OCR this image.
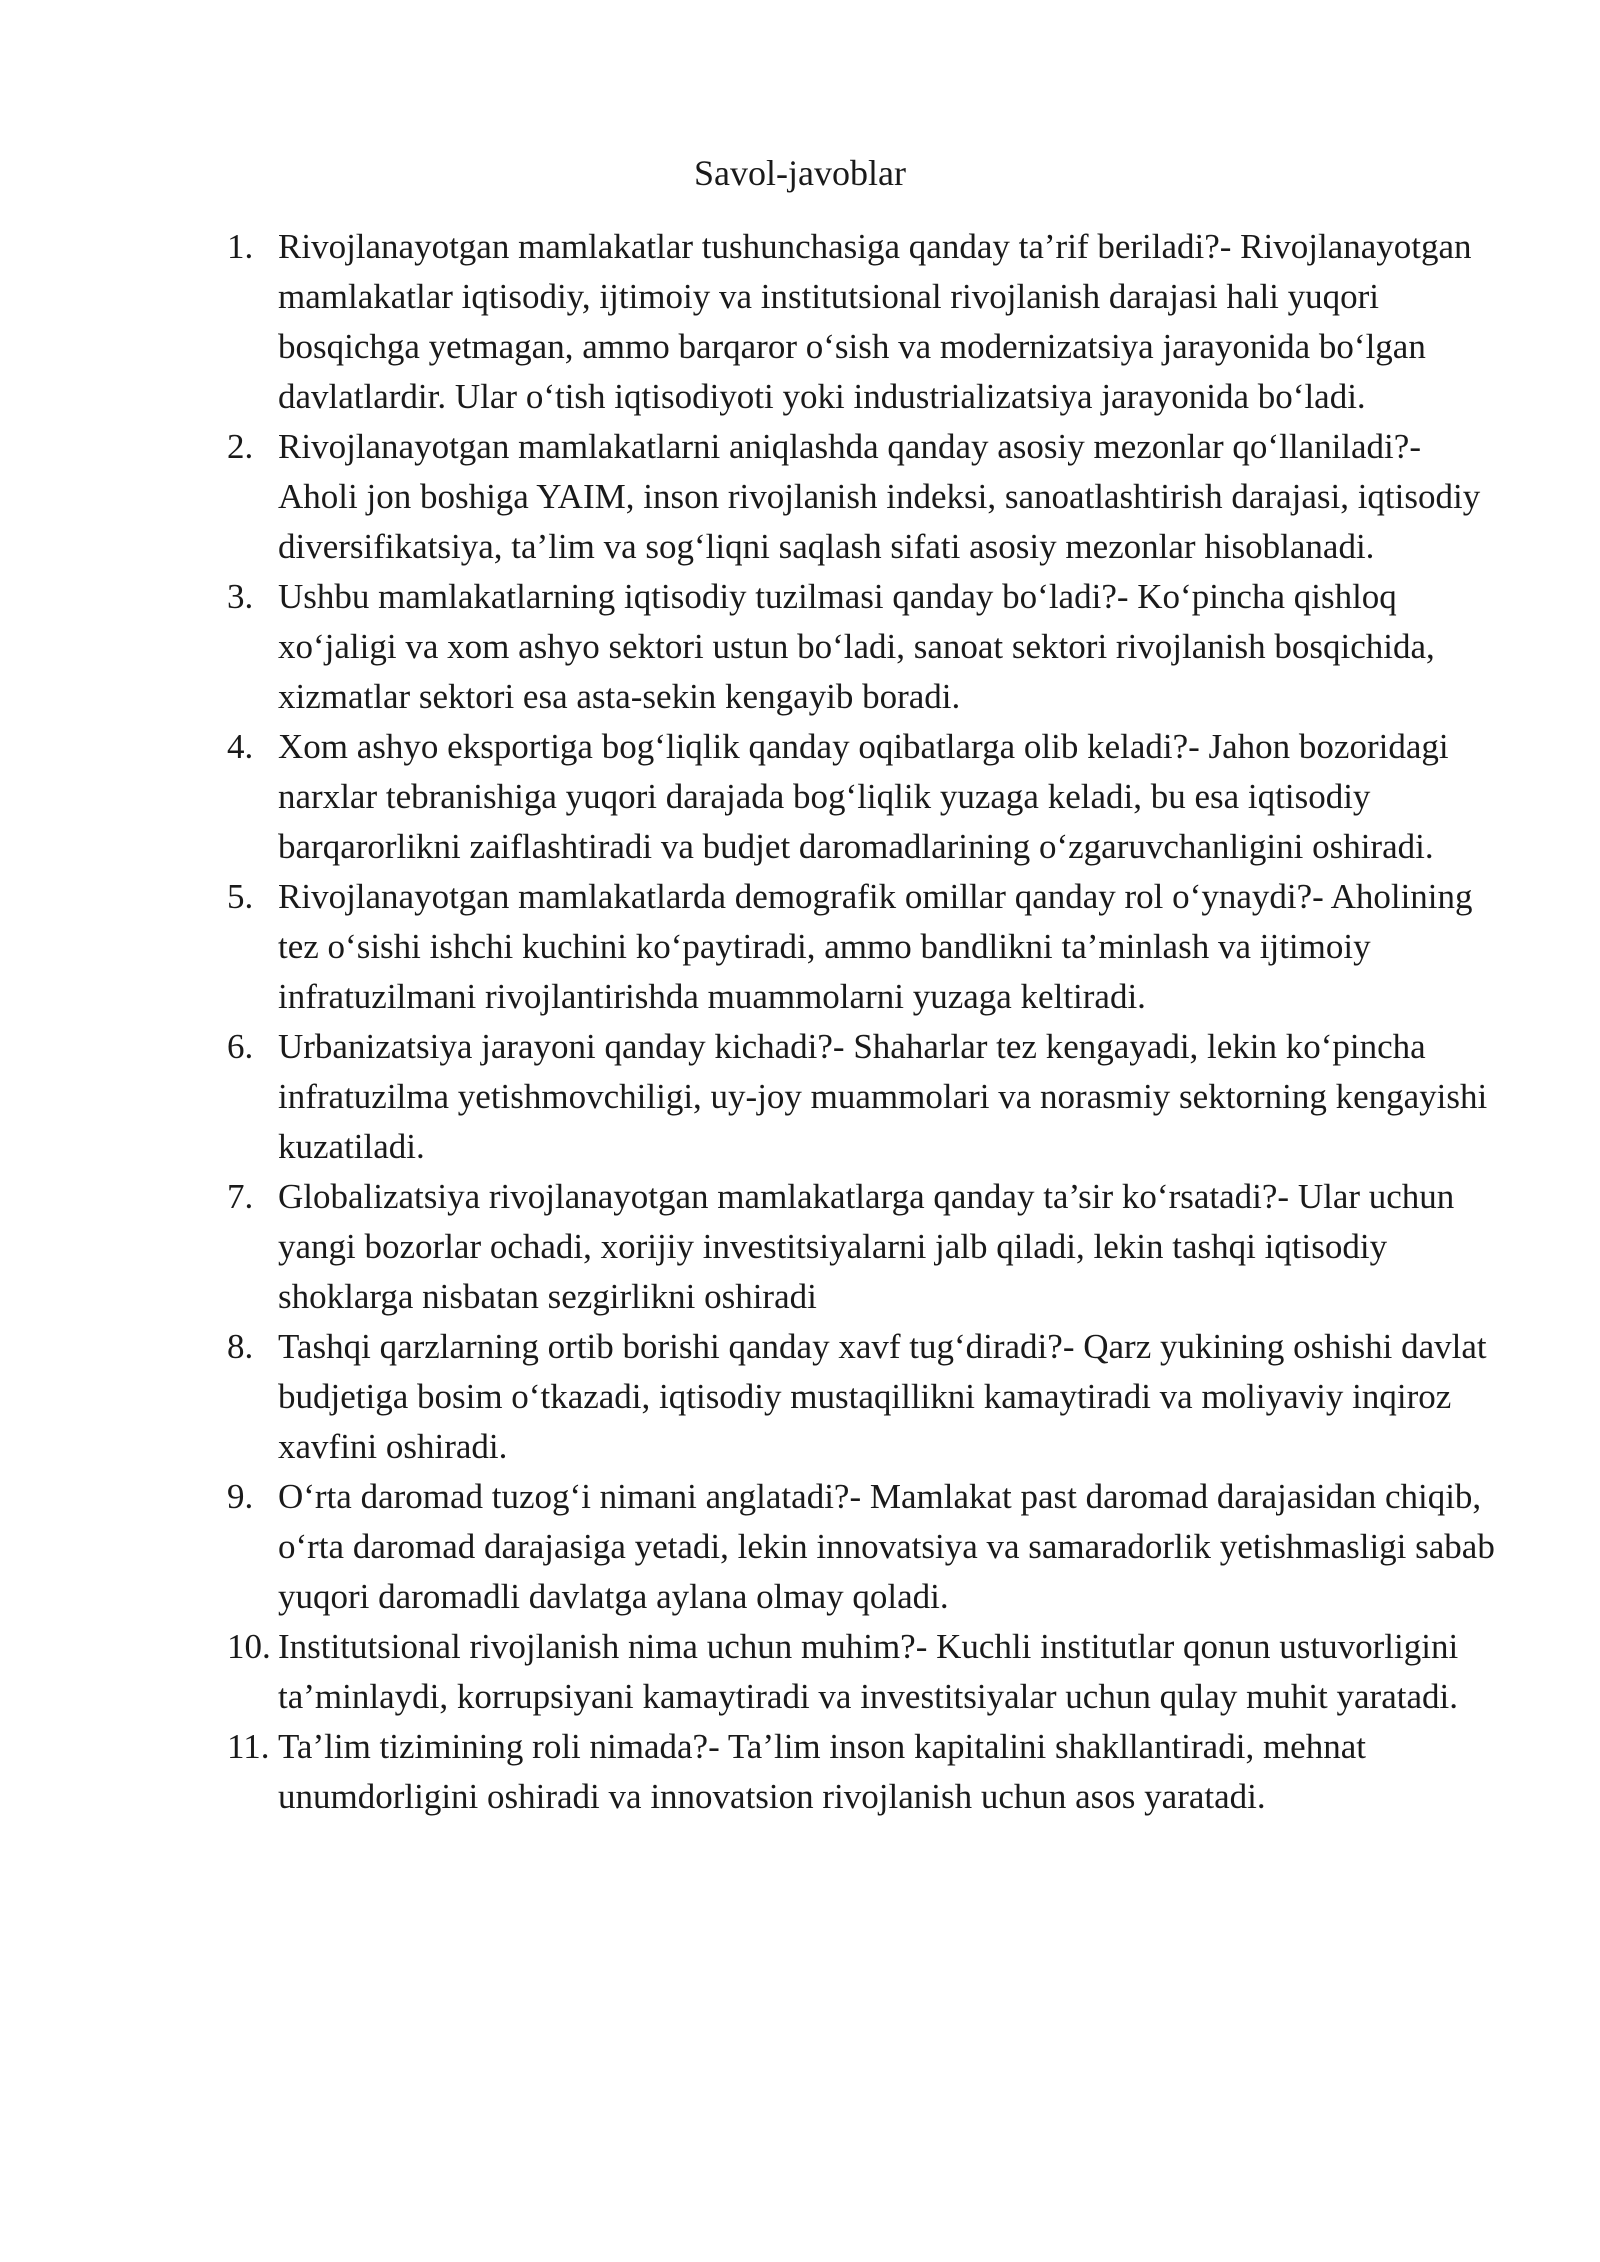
Savol-javoblar
1. Rivojlanayotgan mamlakatlar tushunchasiga qanday ta’rif beriladi?- Rivojlanayotgan mamlakatlar iqtisodiy, ijtimoiy va institutsional rivojlanish darajasi hali yuqori bosqichga yetmagan, ammo barqaror oʻsish va modernizatsiya jarayonida boʻlgan davlatlardir. Ular oʻtish iqtisodiyoti yoki industrializatsiya jarayonida boʻladi.
2. Rivojlanayotgan mamlakatlarni aniqlashda qanday asosiy mezonlar qoʻllaniladi?- Aholi jon boshiga YAIM, inson rivojlanish indeksi, sanoatlashtirish darajasi, iqtisodiy diversifikatsiya, ta’lim va sogʻliqni saqlash sifati asosiy mezonlar hisoblanadi.
3. Ushbu mamlakatlarning iqtisodiy tuzilmasi qanday boʻladi?- Koʻpincha qishloq xoʻjaligi va xom ashyo sektori ustun boʻladi, sanoat sektori rivojlanish bosqichida, xizmatlar sektori esa asta-sekin kengayib boradi.
4. Xom ashyo eksportiga bogʻliqlik qanday oqibatlarga olib keladi?- Jahon bozoridagi narxlar tebranishiga yuqori darajada bogʻliqlik yuzaga keladi, bu esa iqtisodiy barqarorlikni zaiflashtiradi va budjet daromadlarining oʻzgaruvchanligini oshiradi.
5. Rivojlanayotgan mamlakatlarda demografik omillar qanday rol oʻynaydi?- Aholining tez oʻsishi ishchi kuchini koʻpaytiradi, ammo bandlikni ta’minlash va ijtimoiy infratuzilmani rivojlantirishda muammolarni yuzaga keltiradi.
6. Urbanizatsiya jarayoni qanday kichadi?- Shaharlar tez kengayadi, lekin koʻpincha infratuzilma yetishmovchiligi, uy-joy muammolari va norasmiy sektorning kengayishi kuzatiladi.
7. Globalizatsiya rivojlanayotgan mamlakatlarga qanday ta’sir koʻrsatadi?- Ular uchun yangi bozorlar ochadi, xorijiy investitsiyalarni jalb qiladi, lekin tashqi iqtisodiy shoklarga nisbatan sezgirlikni oshiradi
8. Tashqi qarzlarning ortib borishi qanday xavf tugʻdiradi?- Qarz yukining oshishi davlat budjetiga bosim oʻtkazadi, iqtisodiy mustaqillikni kamaytiradi va moliyaviy inqiroz xavfini oshiradi.
9. Oʻrta daromad tuzogʻi nimani anglatadi?- Mamlakat past daromad darajasidan chiqib, oʻrta daromad darajasiga yetadi, lekin innovatsiya va samaradorlik yetishmasligi sabab yuqori daromadli davlatga aylana olmay qoladi.
10. Institutsional rivojlanish nima uchun muhim?- Kuchli institutlar qonun ustuvorligini ta’minlaydi, korrupsiyani kamaytiradi va investitsiyalar uchun qulay muhit yaratadi.
11. Ta’lim tizimining roli nimada?- Ta’lim inson kapitalini shakllantiradi, mehnat unumdorligini oshiradi va innovatsion rivojlanish uchun asos yaratadi.
